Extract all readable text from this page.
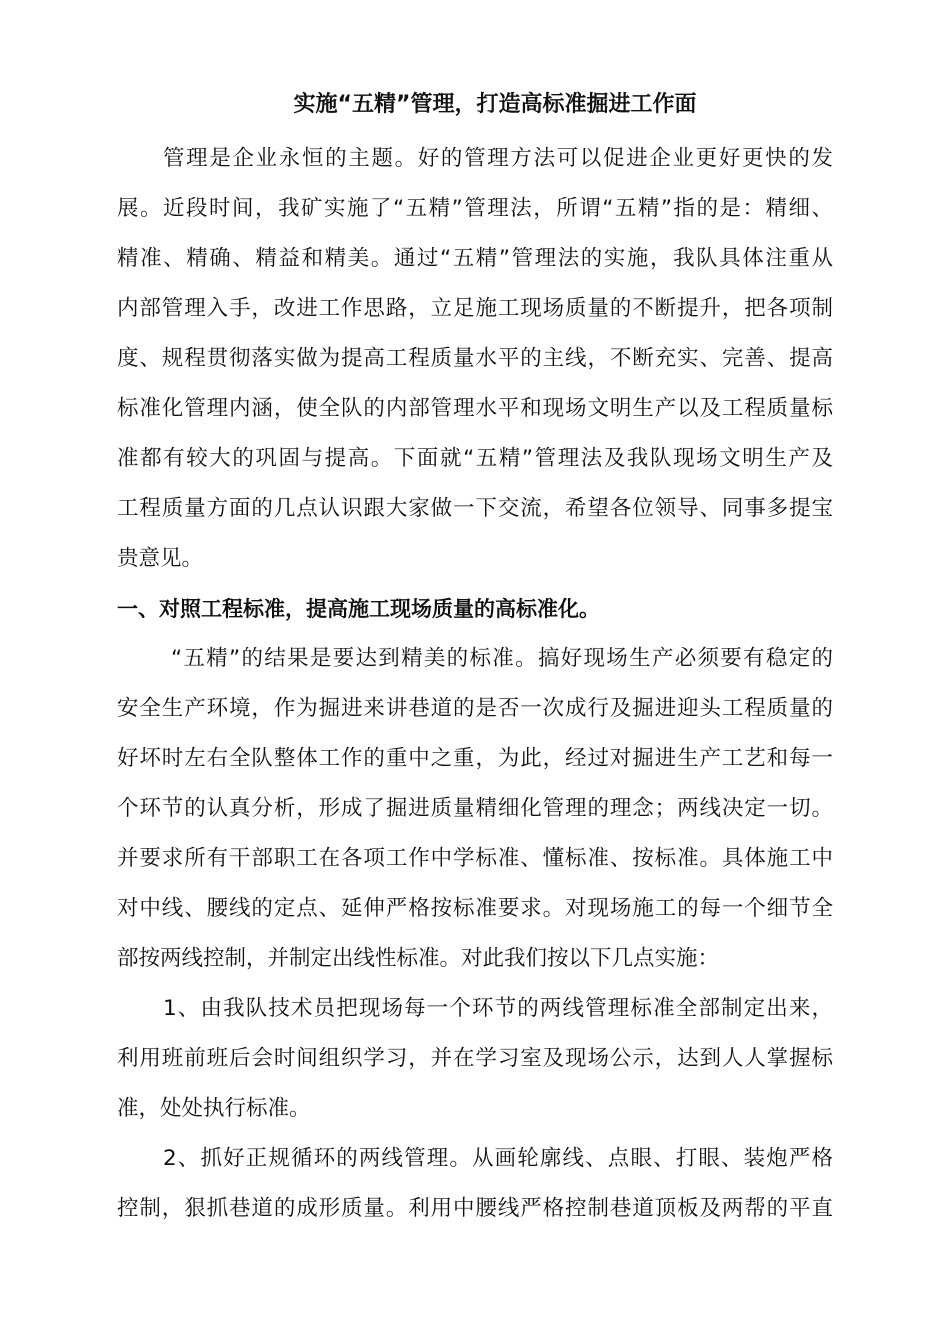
实施“五精”管理，打造高标准掘进工作面

管理是企业永恒的主题。好的管理方法可以促进企业更好更快的发
展。近段时间，我矿实施了“五精”管理法，所谓“五精”指的是：精细、
精准、精确、精益和精美。通过“五精”管理法的实施，我队具体注重从
内部管理入手，改进工作思路，立足施工现场质量的不断提升，把各项制
度、规程贯彻落实做为提高工程质量水平的主线，不断充实、完善、提高
标准化管理内涵，使全队的内部管理水平和现场文明生产以及工程质量标
准都有较大的巩固与提高。下面就“五精”管理法及我队现场文明生产及
工程质量方面的几点认识跟大家做一下交流，希望各位领导、同事多提宝
贵意见。

一、对照工程标准，提高施工现场质量的高标准化。

“五精”的结果是要达到精美的标准。搞好现场生产必须要有稳定的
安全生产环境，作为掘进来讲巷道的是否一次成行及掘进迎头工程质量的
好坏时左右全队整体工作的重中之重，为此，经过对掘进生产工艺和每一
个环节的认真分析，形成了掘进质量精细化管理的理念；两线决定一切。
并要求所有干部职工在各项工作中学标准、懂标准、按标准。具体施工中
对中线、腰线的定点、延伸严格按标准要求。对现场施工的每一个细节全
部按两线控制，并制定出线性标准。对此我们按以下几点实施：

1、由我队技术员把现场每一个环节的两线管理标准全部制定出来，
利用班前班后会时间组织学习，并在学习室及现场公示，达到人人掌握标
准，处处执行标准。

2、抓好正规循环的两线管理。从画轮廓线、点眼、打眼、装炮严格
控制，狠抓巷道的成形质量。利用中腰线严格控制巷道顶板及两帮的平直
